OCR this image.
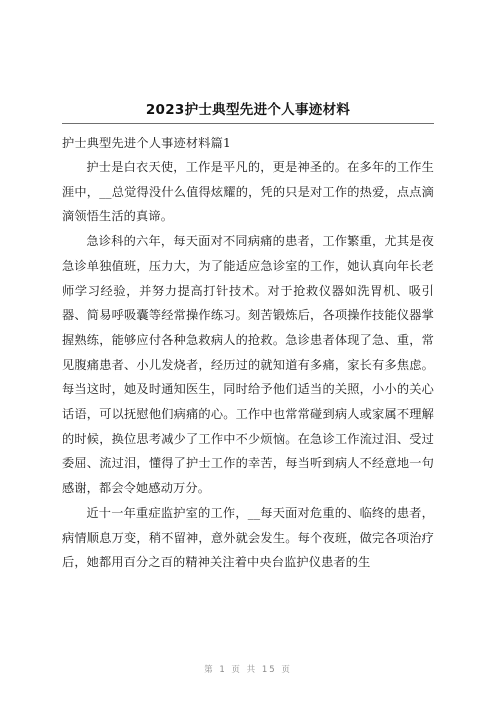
2023护士典型先进个人事迹材料

护士典型先进个人事迹材料篇1

护士是白衣天使，工作是平凡的，更是神圣的。在多年的工作生涯中，__总觉得没什么值得炫耀的，凭的只是对工作的热爱，点点滴滴领悟生活的真谛。

急诊科的六年，每天面对不同病痛的患者，工作繁重，尤其是夜急诊单独值班，压力大，为了能适应急诊室的工作，她认真向年长老师学习经验，并努力提高打针技术。对于抢救仪器如洗胃机、吸引器、简易呼吸囊等经常操作练习。刻苦锻炼后，各项操作技能仪器掌握熟练，能够应付各种急救病人的抢救。急诊患者体现了急、重，常见腹痛患者、小儿发烧者，经历过的就知道有多痛，家长有多焦虑。每当这时，她及时通知医生，同时给予他们适当的关照，小小的关心话语，可以抚慰他们病痛的心。工作中也常常碰到病人或家属不理解的时候，换位思考减少了工作中不少烦恼。在急诊工作流过泪、受过委屈、流过泪，懂得了护士工作的幸苦，每当听到病人不经意地一句感谢，都会令她感动万分。

近十一年重症监护室的工作，__每天面对危重的、临终的患者，病情顺息万变，稍不留神，意外就会发生。每个夜班，做完各项治疗后，她都用百分之百的精神关注着中央台监护仪患者的生

第 1 页 共 15 页
